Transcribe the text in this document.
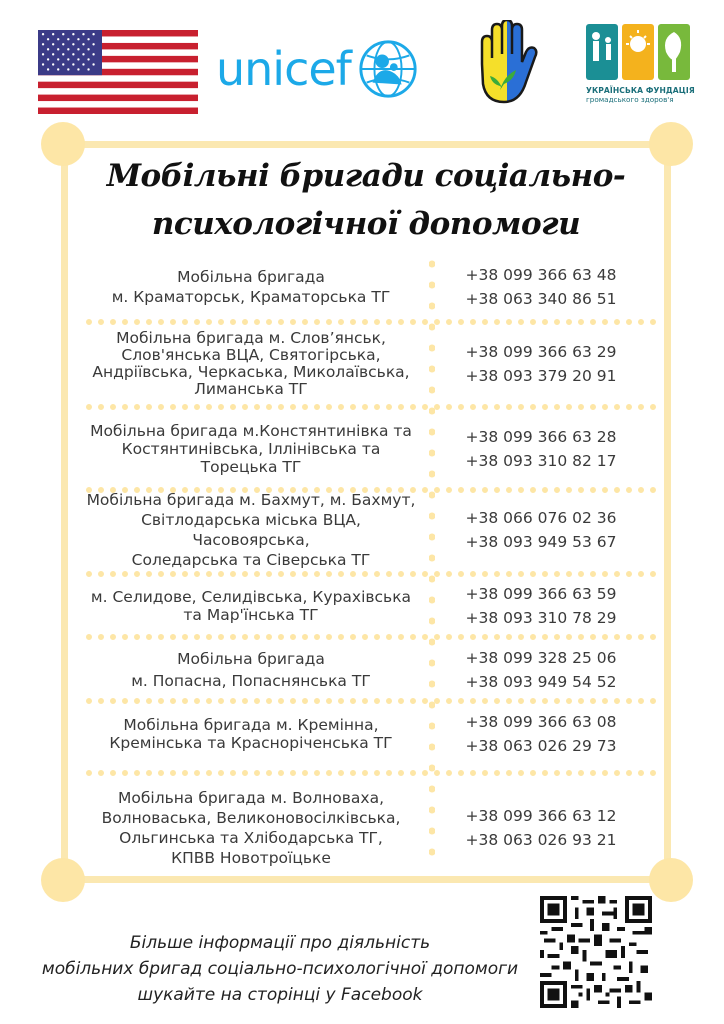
unicef	УКРАЇНСЬКА ФУНДАЦІЯ
громадського здоров'я
Мобільні бригади соціально-
психологічної допомоги
Мобільна бригада
м. Краматорськ, Краматорська ТГ
+38 099 366 63 48
+38 063 340 86 51
Мобільна бригада м. Слов’янськ,
Слов'янська ВЦА, Святогірська,
Андріївська, Черкаська, Миколаївська,
Лиманська ТГ
+38 099 366 63 29
+38 093 379 20 91
Мобільна бригада м.Констянтинівка та
Костянтинівська, Іллінівська та
Торецька ТГ
+38 099 366 63 28
+38 093 310 82 17
Мобільна бригада м. Бахмут, м. Бахмут,
Світлодарська міська ВЦА, Часовоярська,
Соледарська та Сіверська ТГ
+38 066 076 02 36
+38 093 949 53 67
м. Селидове, Селидівська, Курахівська
та Мар'їнська ТГ
+38 099 366 63 59
+38 093 310 78 29
Мобільна бригада
м. Попасна, Попаснянська ТГ
+38 099 328 25 06
+38 093 949 54 52
Мобільна бригада м. Кремінна,
Кремінська та Красноріченська ТГ
+38 099 366 63 08
+38 063 026 29 73
Мобільна бригада м. Волноваха,
Волноваська, Великоновосілківська,
Ольгинська та Хлібодарська ТГ,
КПВВ Новотроїцьке
+38 099 366 63 12
+38 063 026 93 21
Більше інформації про діяльність
мобільних бригад соціально-психологічної допомоги
шукайте на сторінці у Facebook
